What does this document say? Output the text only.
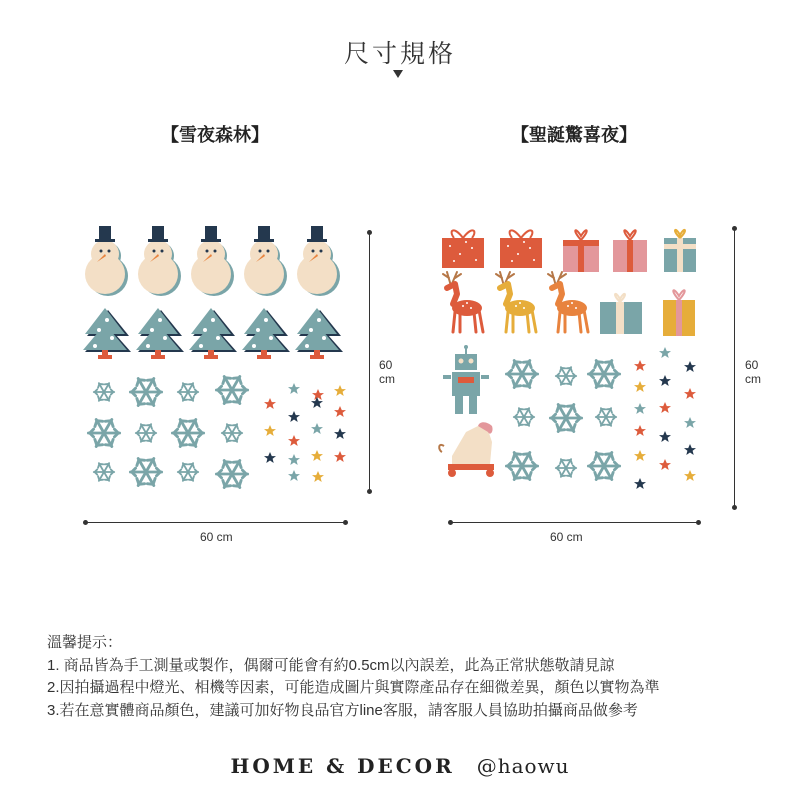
尺寸規格
【雪夜森林】	【聖誕驚喜夜】
60 cm
60
cm
60 cm
60
cm
溫馨提示：
1. 商品皆為手工測量或製作，偶爾可能會有約0.5cm以內誤差，此為正常狀態敬請見諒
2.因拍攝過程中燈光、相機等因素，可能造成圖片與實際產品存在細微差異，顏色以實物為準
3.若在意實體商品顏色，建議可加好物良品官方line客服，請客服人員協助拍攝商品做參考
HOME & DECOR @haowu
